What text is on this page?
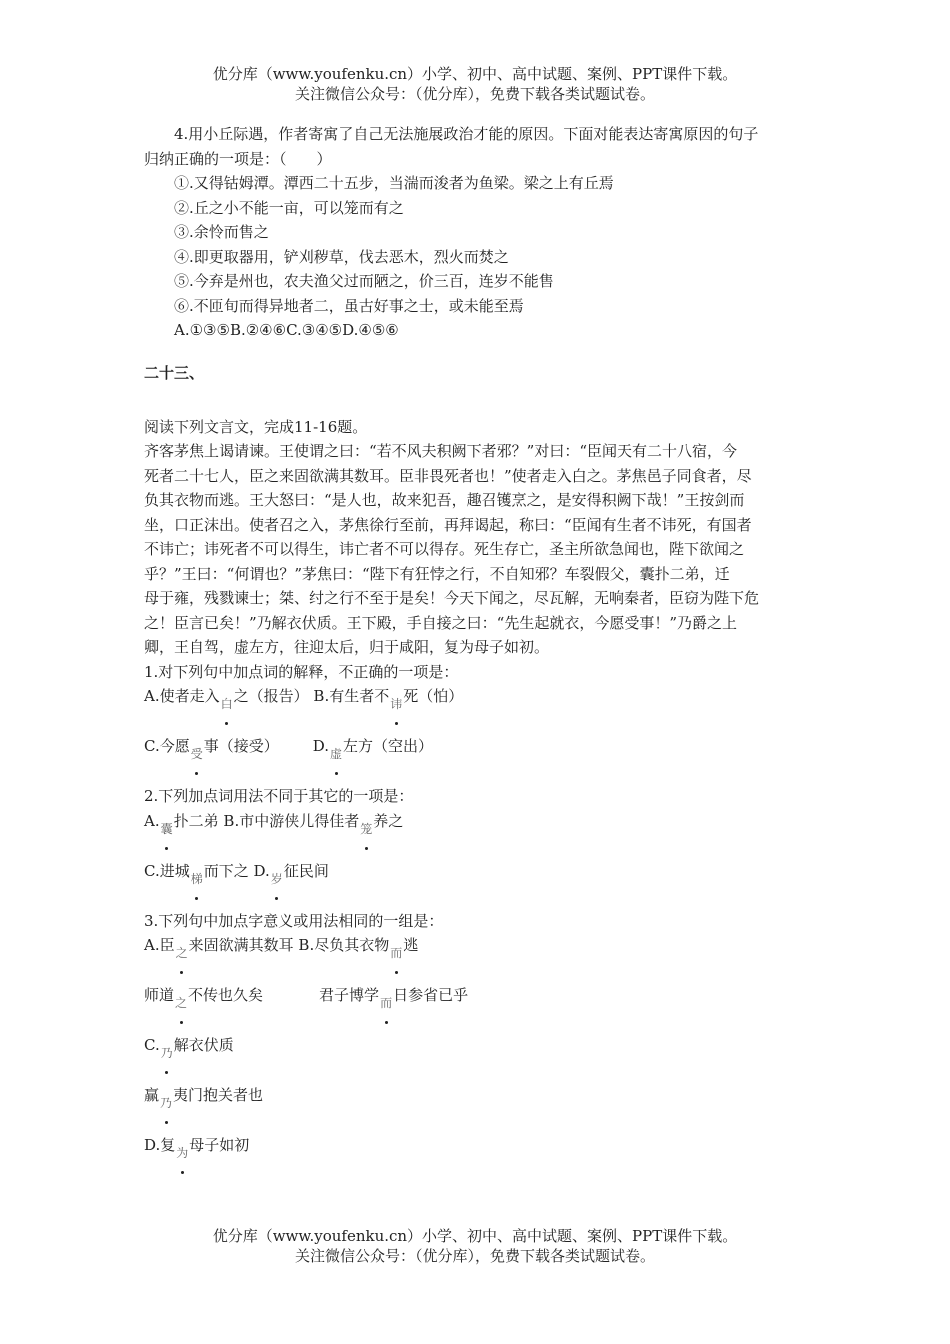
优分库（www.youfenku.cn）小学、初中、高中试题、案例、PPT课件下载。
关注微信公众号：（优分库），免费下载各类试题试卷。
4.用小丘际遇，作者寄寓了自己无法施展政治才能的原因。下面对能表达寄寓原因的句子
归纳正确的一项是：（　　）
①.又得钴姆潭。潭西二十五步，当湍而浚者为鱼梁。梁之上有丘焉
②.丘之小不能一亩，可以笼而有之
③.余怜而售之
④.即更取器用，铲刈秽草，伐去恶木，烈火而焚之
⑤.今弃是州也，农夫渔父过而陋之，价三百，连岁不能售
⑥.不匝旬而得异地者二，虽古好事之士，或未能至焉
A.①③⑤B.②④⑥C.③④⑤D.④⑤⑥
二十三、
阅读下列文言文，完成11-16题。
齐客茅焦上谒请谏。王使谓之曰：“若不风夫积阙下者邪？”对曰：“臣闻天有二十八宿，今
死者二十七人，臣之来固欲满其数耳。臣非畏死者也！”使者走入白之。茅焦邑子同食者，尽
负其衣物而逃。王大怒曰：“是人也，故来犯吾，趣召镬烹之，是安得积阙下哉！”王按剑而
坐，口正沫出。使者召之入，茅焦徐行至前，再拜谒起，称曰：“臣闻有生者不讳死，有国者
不讳亡；讳死者不可以得生，讳亡者不可以得存。死生存亡，圣主所欲急闻也，陛下欲闻之
乎？”王曰：“何谓也？”茅焦曰：“陛下有狂悖之行，不自知邪？车裂假父，囊扑二弟，迁
母于雍，残戮谏士；桀、纣之行不至于是矣！今天下闻之，尽瓦解，无响秦者，臣窃为陛下危
之！臣言已矣！”乃解衣伏质。王下殿，手自接之曰：“先生起就衣，今愿受事！”乃爵之上
卿，王自驾，虚左方，往迎太后，归于咸阳，复为母子如初。
1.对下列句中加点词的解释，不正确的一项是：
A.使者走入白之（报告） B.有生者不讳死（怕）
C.今愿受事（接受） D.虚左方（空出）
2.下列加点词用法不同于其它的一项是：
A.囊扑二弟 B.市中游侠儿得佳者笼养之
C.进城梯而下之 D.岁征民间
3.下列句中加点字意义或用法相同的一组是：
A.臣之来固欲满其数耳 B.尽负其衣物而逃
师道之不传也久矣	君子博学而日参省已乎
C.乃解衣伏质
赢乃夷门抱关者也
D.复为母子如初
优分库（www.youfenku.cn）小学、初中、高中试题、案例、PPT课件下载。
关注微信公众号：（优分库），免费下载各类试题试卷。
